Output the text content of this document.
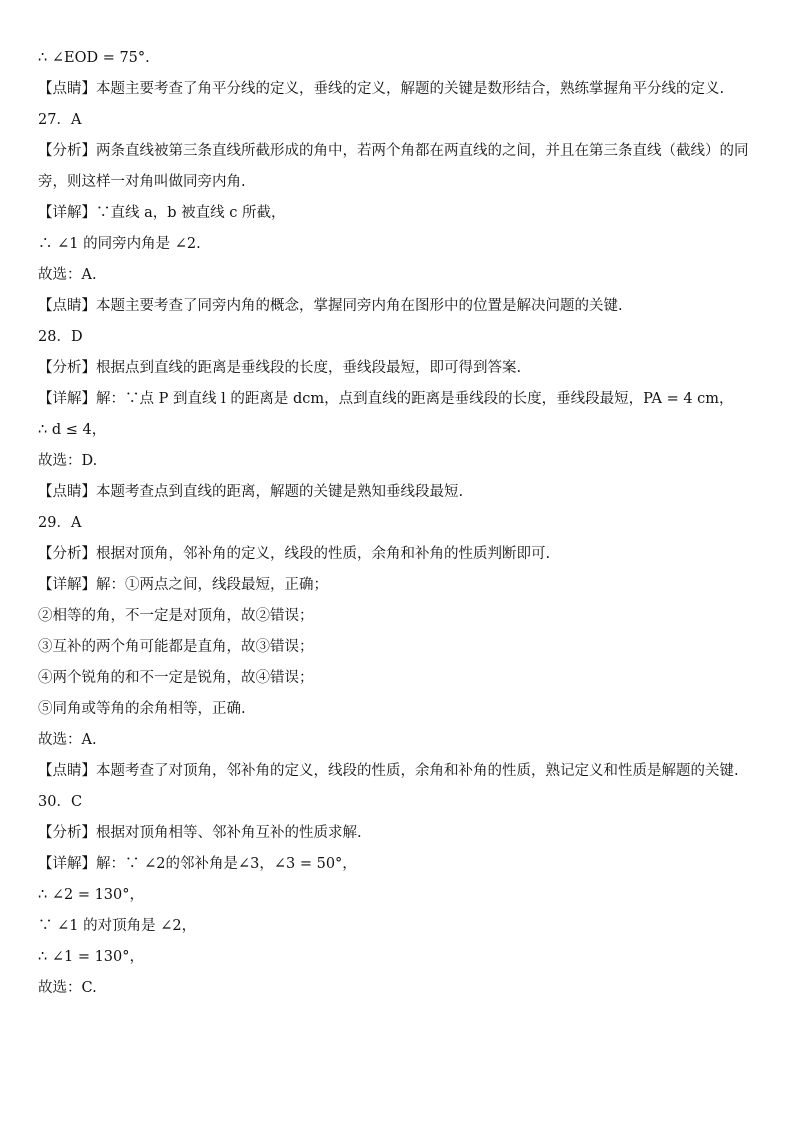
∴ ∠EOD = 75°.
【点睛】本题主要考查了角平分线的定义，垂线的定义，解题的关键是数形结合，熟练掌握角平分线的定义.
27．A
【分析】两条直线被第三条直线所截形成的角中，若两个角都在两直线的之间，并且在第三条直线（截线）的同
旁，则这样一对角叫做同旁内角.
【详解】∵直线 a，b 被直线 c 所截，
∴ ∠1 的同旁内角是 ∠2.
故选：A.
【点睛】本题主要考查了同旁内角的概念，掌握同旁内角在图形中的位置是解决问题的关键.
28．D
【分析】根据点到直线的距离是垂线段的长度，垂线段最短，即可得到答案.
【详解】解：∵点 P 到直线 l 的距离是 dcm，点到直线的距离是垂线段的长度，垂线段最短，PA = 4 cm，
∴ d ≤ 4，
故选：D.
【点睛】本题考查点到直线的距离，解题的关键是熟知垂线段最短.
29．A
【分析】根据对顶角，邻补角的定义，线段的性质，余角和补角的性质判断即可.
【详解】解：①两点之间，线段最短，正确；
②相等的角，不一定是对顶角，故②错误；
③互补的两个角可能都是直角，故③错误；
④两个锐角的和不一定是锐角，故④错误；
⑤同角或等角的余角相等，正确.
故选：A.
【点睛】本题考查了对顶角，邻补角的定义，线段的性质，余角和补角的性质，熟记定义和性质是解题的关键.
30．C
【分析】根据对顶角相等、邻补角互补的性质求解.
【详解】解：∵ ∠2的邻补角是∠3，∠3 = 50°，
∴ ∠2 = 130°，
∵ ∠1 的对顶角是 ∠2，
∴ ∠1 = 130°，
故选：C.
